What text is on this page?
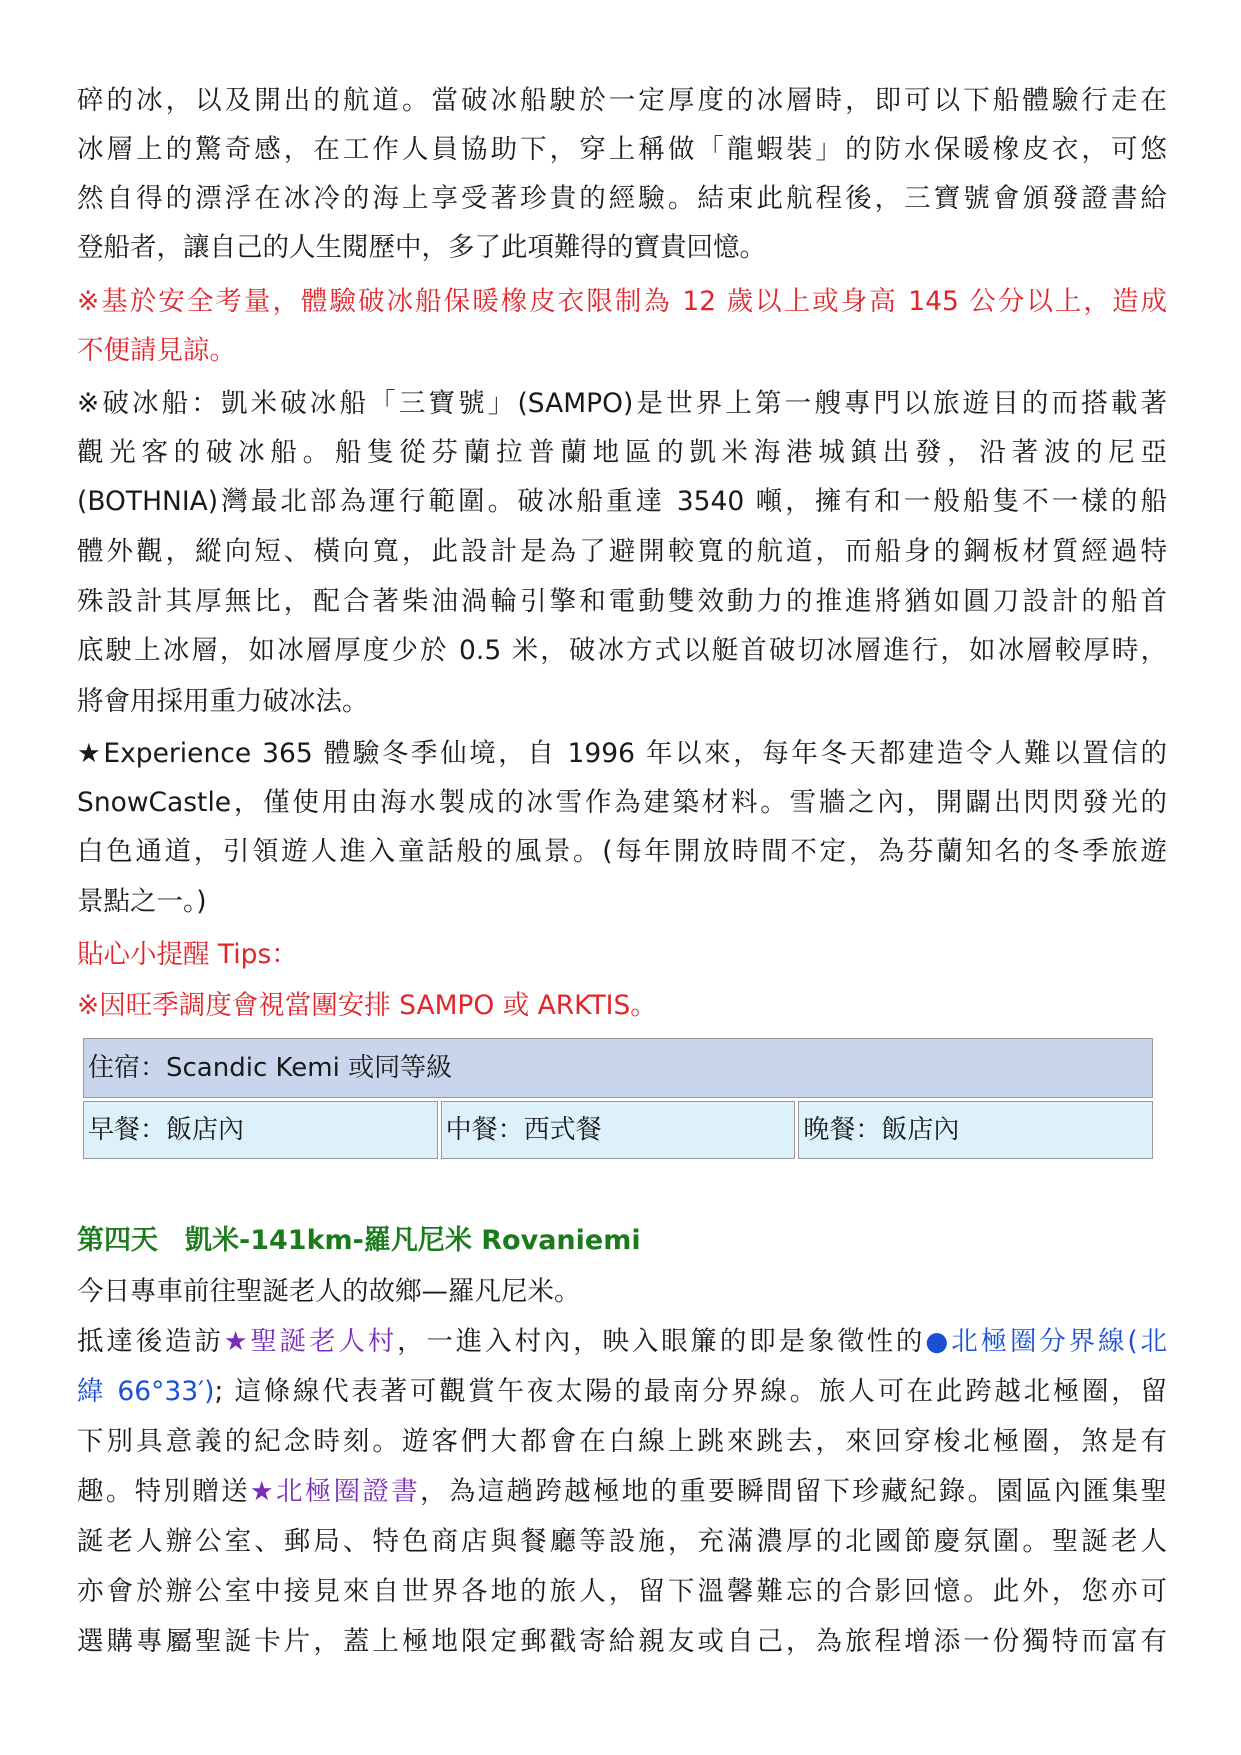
碎的冰，以及開出的航道。當破冰船駛於一定厚度的冰層時，即可以下船體驗行走在
冰層上的驚奇感，在工作人員協助下，穿上稱做「龍蝦裝」的防水保暖橡皮衣，可悠
然自得的漂浮在冰冷的海上享受著珍貴的經驗。結束此航程後，三寶號會頒發證書給
登船者，讓自己的人生閱歷中，多了此項難得的寶貴回憶。
※基於安全考量，體驗破冰船保暖橡皮衣限制為 12 歲以上或身高 145 公分以上，造成
不便請見諒。
※破冰船：凱米破冰船「三寶號」(SAMPO)是世界上第一艘專門以旅遊目的而搭載著
觀光客的破冰船。船隻從芬蘭拉普蘭地區的凱米海港城鎮出發，沿著波的尼亞
(BOTHNIA)灣最北部為運行範圍。破冰船重達 3540 噸，擁有和一般船隻不一樣的船
體外觀，縱向短、橫向寬，此設計是為了避開較寬的航道，而船身的鋼板材質經過特
殊設計其厚無比，配合著柴油渦輪引擎和電動雙效動力的推進將猶如圓刀設計的船首
底駛上冰層，如冰層厚度少於 0.5 米，破冰方式以艇首破切冰層進行，如冰層較厚時，
將會用採用重力破冰法。
★Experience 365 體驗冬季仙境，自 1996 年以來，每年冬天都建造令人難以置信的
SnowCastle，僅使用由海水製成的冰雪作為建築材料。雪牆之內，開闢出閃閃發光的
白色通道，引領遊人進入童話般的風景。(每年開放時間不定，為芬蘭知名的冬季旅遊
景點之一。)
貼心小提醒 Tips：
※因旺季調度會視當團安排 SAMPO 或 ARKTIS。
住宿：Scandic Kemi 或同等級
早餐：飯店內	中餐：西式餐	晚餐：飯店內
第四天　凱米-141km-羅凡尼米 Rovaniemi
今日專車前往聖誕老人的故鄉—羅凡尼米。
抵達後造訪★聖誕老人村，一進入村內，映入眼簾的即是象徵性的●北極圈分界線(北
緯 66°33′); 這條線代表著可觀賞午夜太陽的最南分界線。旅人可在此跨越北極圈，留
下別具意義的紀念時刻。遊客們大都會在白線上跳來跳去，來回穿梭北極圈，煞是有
趣。特別贈送★北極圈證書，為這趟跨越極地的重要瞬間留下珍藏紀錄。園區內匯集聖
誕老人辦公室、郵局、特色商店與餐廳等設施，充滿濃厚的北國節慶氛圍。聖誕老人
亦會於辦公室中接見來自世界各地的旅人，留下溫馨難忘的合影回憶。此外，您亦可
選購專屬聖誕卡片，蓋上極地限定郵戳寄給親友或自己，為旅程增添一份獨特而富有
